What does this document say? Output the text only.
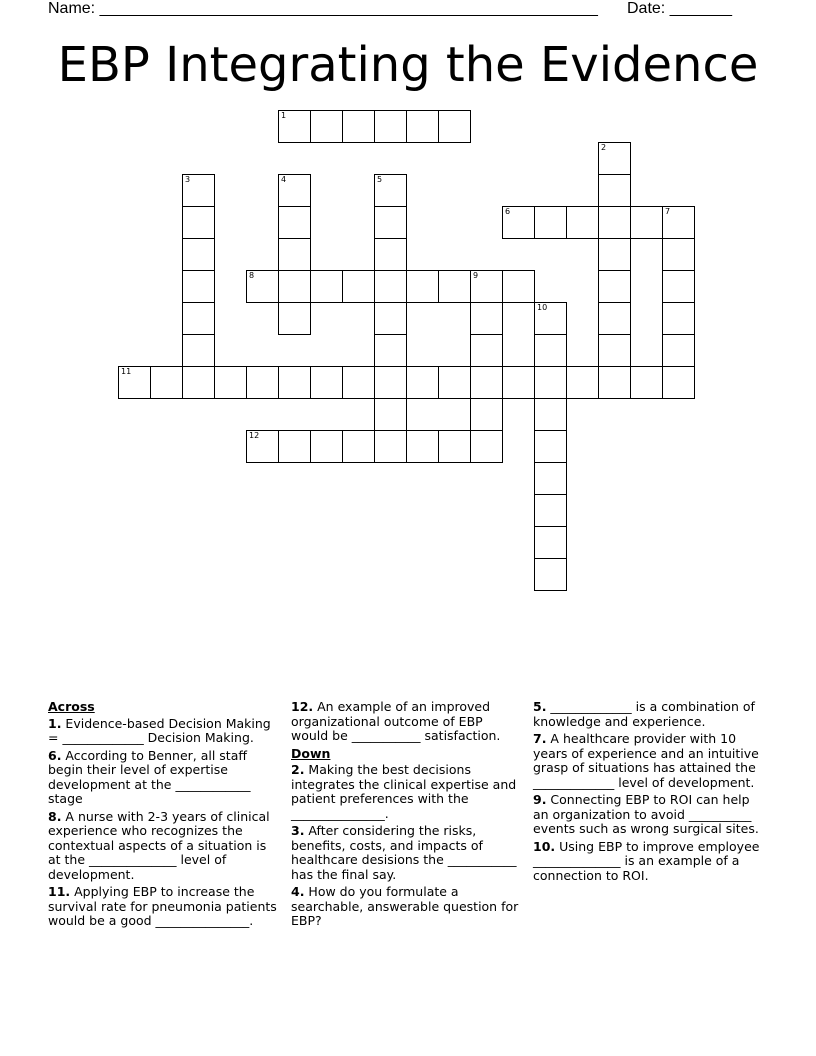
Name: ________________________________________________________

Date: _______

EBP Integrating the Evidence
1
2
3	4	5
6	7
8	9
10
11
12
Across
1. Evidence-based Decision Making = _____________ Decision Making.
6. According to Benner, all staff begin their level of expertise development at the ____________ stage
8. A nurse with 2-3 years of clinical experience who recognizes the contextual aspects of a situation is at the ______________ level of development.
11. Applying EBP to increase the survival rate for pneumonia patients would be a good _______________.
12. An example of an improved organizational outcome of EBP would be ___________ satisfaction.
Down
2. Making the best decisions integrates the clinical expertise and patient preferences with the _______________.
3. After considering the risks, benefits, costs, and impacts of healthcare desisions the ___________ has the final say.
4. How do you formulate a searchable, answerable question for EBP?
5. _____________ is a combination of knowledge and experience.
7. A healthcare provider with 10 years of experience and an intuitive grasp of situations has attained the _____________ level of development.
9. Connecting EBP to ROI can help an organization to avoid __________ events such as wrong surgical sites.
10. Using EBP to improve employee ______________ is an example of a connection to ROI.
